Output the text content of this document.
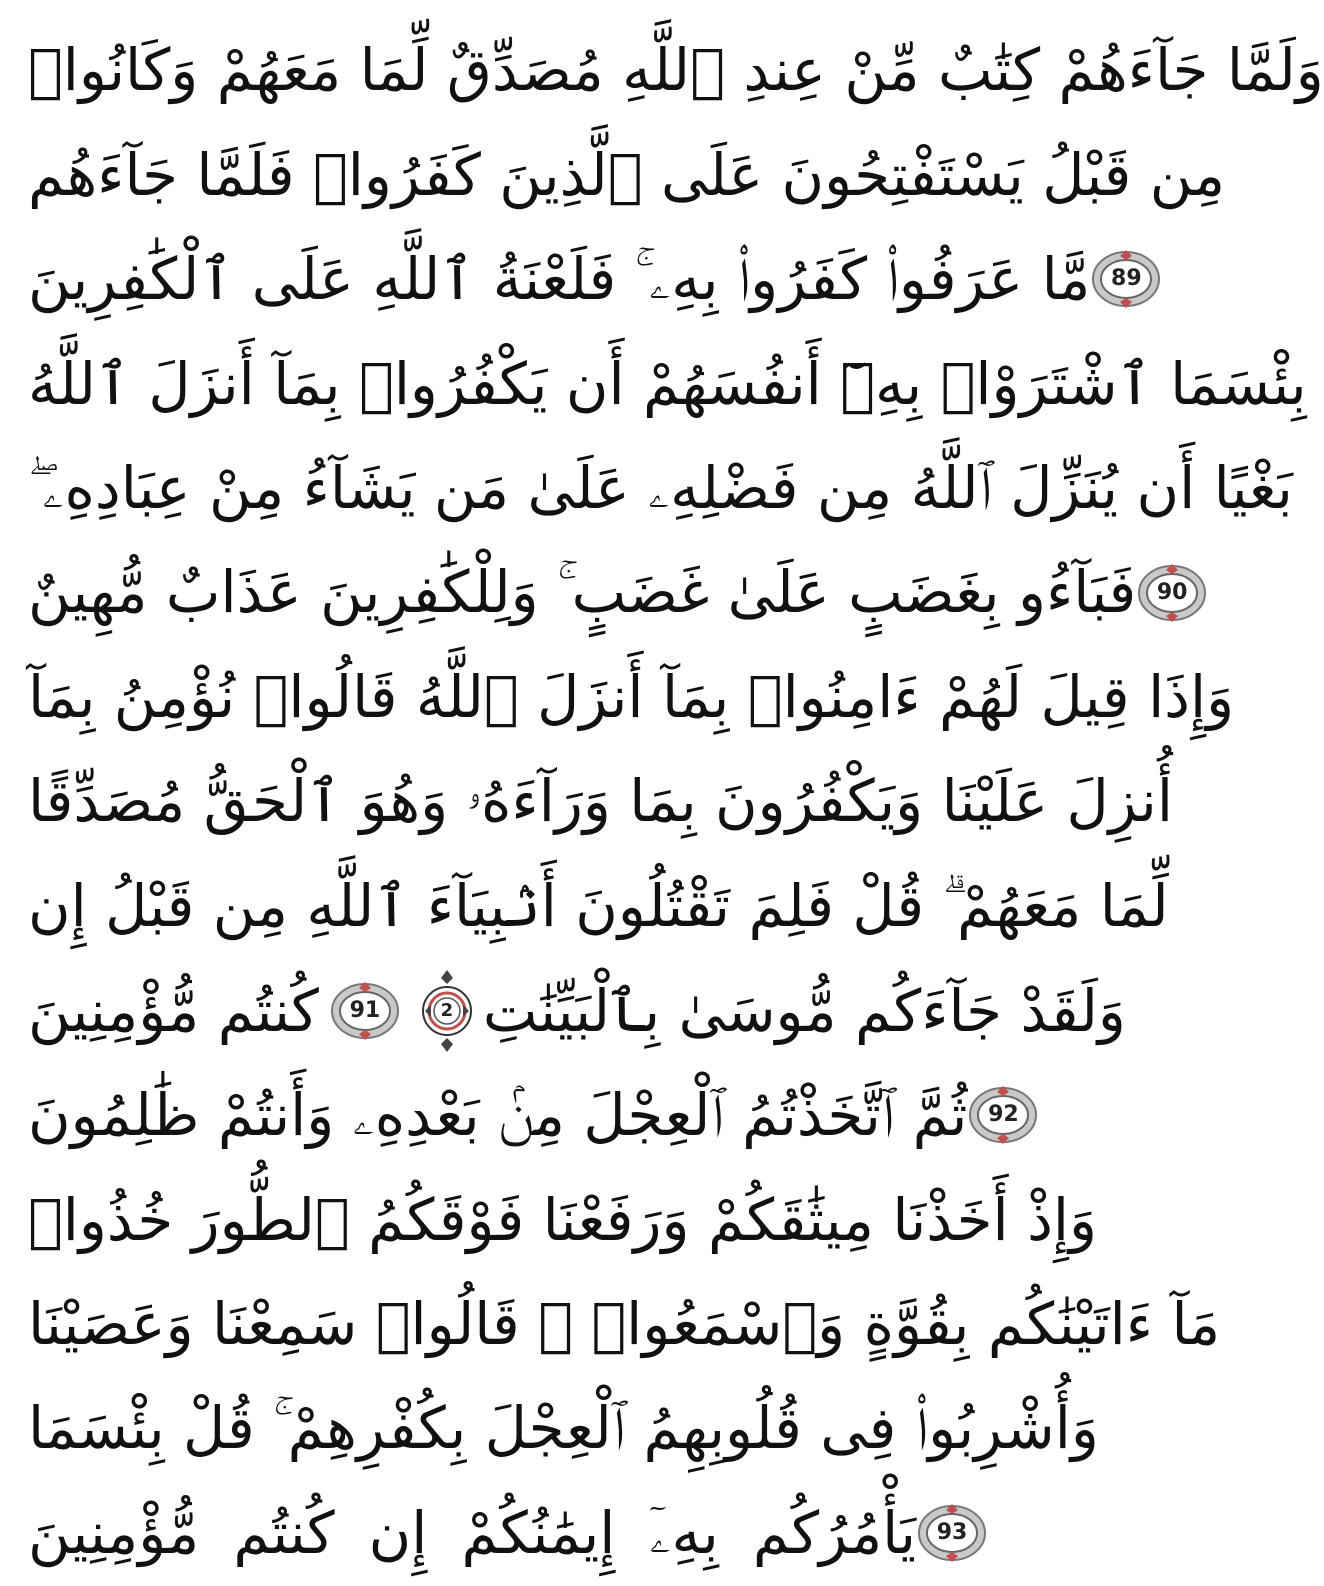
وَلَمَّا جَآءَهُمْ كِتَٰبٌ مِّنْ عِندِ ٱللَّهِ مُصَدِّقٌ لِّمَا مَعَهُمْ وَكَانُوا۟
مِن قَبْلُ يَسْتَفْتِحُونَ عَلَى ٱلَّذِينَ كَفَرُوا۟ فَلَمَّا جَآءَهُم
مَّا عَرَفُوا۟ كَفَرُوا۟ بِهِۦ ۚ فَلَعْنَةُ ٱللَّهِ عَلَى ٱلْكَٰفِرِينَ 89
بِئْسَمَا ٱشْتَرَوْا۟ بِهِۦٓ أَنفُسَهُمْ أَن يَكْفُرُوا۟ بِمَآ أَنزَلَ ٱللَّهُ
بَغْيًا أَن يُنَزِّلَ ٱللَّهُ مِن فَضْلِهِۦ عَلَىٰ مَن يَشَآءُ مِنْ عِبَادِهِۦ ۖ
فَبَآءُو بِغَضَبٍ عَلَىٰ غَضَبٍ ۚ وَلِلْكَٰفِرِينَ عَذَابٌ مُّهِينٌ 90
وَإِذَا قِيلَ لَهُمْ ءَامِنُوا۟ بِمَآ أَنزَلَ ٱللَّهُ قَالُوا۟ نُؤْمِنُ بِمَآ
أُنزِلَ عَلَيْنَا وَيَكْفُرُونَ بِمَا وَرَآءَهُۥ وَهُوَ ٱلْحَقُّ مُصَدِّقًا
لِّمَا مَعَهُمْ ۗ قُلْ فَلِمَ تَقْتُلُونَ أَنۢبِيَآءَ ٱللَّهِ مِن قَبْلُ إِن
كُنتُم مُّؤْمِنِينَ	91	2 وَلَقَدْ جَآءَكُم مُّوسَىٰ بِٱلْبَيِّنَٰتِ
ثُمَّ ٱتَّخَذْتُمُ ٱلْعِجْلَ مِنۢ بَعْدِهِۦ وَأَنتُمْ ظَٰلِمُونَ 92
وَإِذْ أَخَذْنَا مِيثَٰقَكُمْ وَرَفَعْنَا فَوْقَكُمُ ٱلطُّورَ خُذُوا۟
مَآ ءَاتَيْنَٰكُم بِقُوَّةٍ وَٱسْمَعُوا۟ ۖ قَالُوا۟ سَمِعْنَا وَعَصَيْنَا
وَأُشْرِبُوا۟ فِى قُلُوبِهِمُ ٱلْعِجْلَ بِكُفْرِهِمْ ۚ قُلْ بِئْسَمَا
يَأْمُرُكُم بِهِۦٓ إِيمَٰنُكُمْ إِن كُنتُم مُّؤْمِنِينَ 93
